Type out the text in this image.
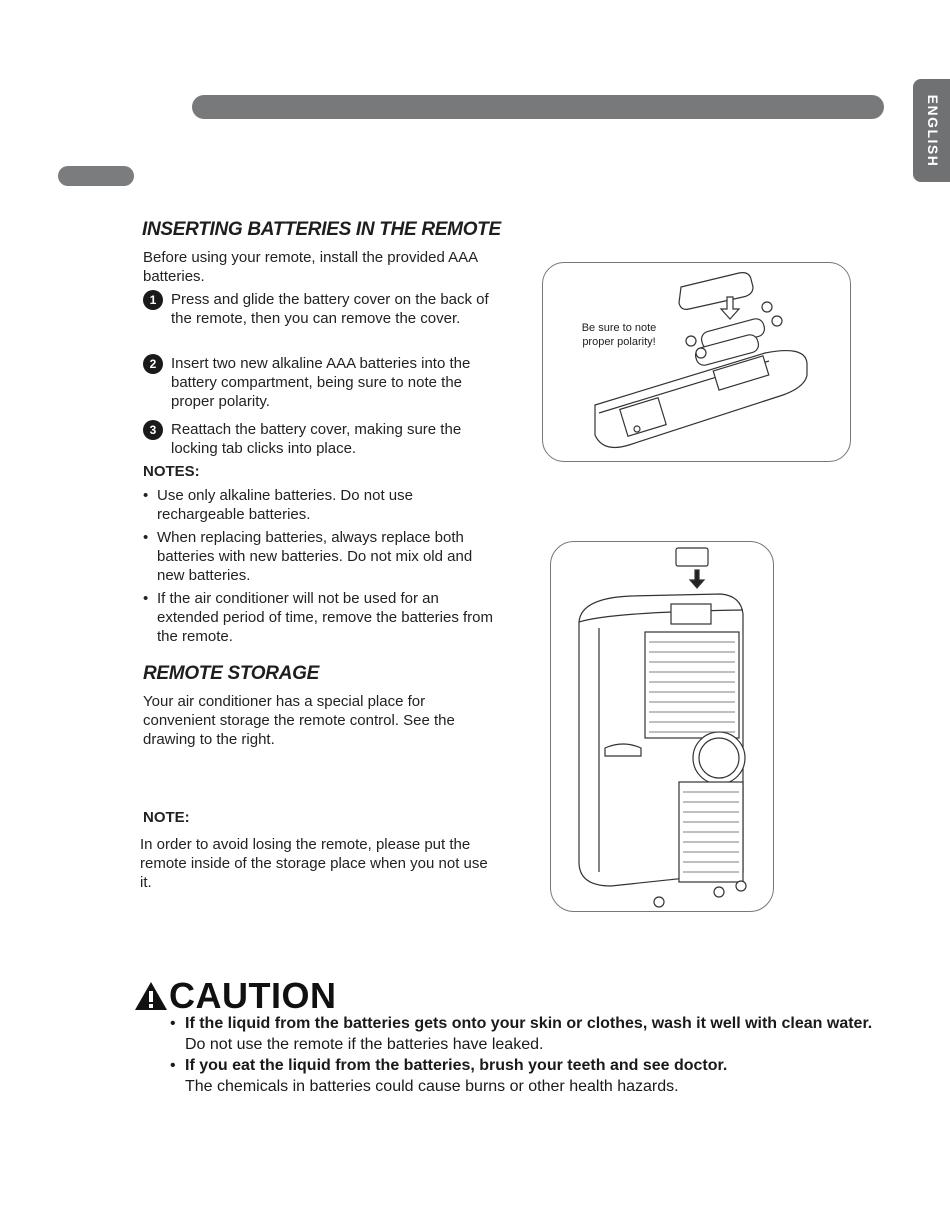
ENGLISH
INSERTING BATTERIES IN THE REMOTE
Before using your remote, install the provided AAA batteries.
1 Press and glide the battery cover on the back of the remote, then you can remove the cover.
2 Insert two new alkaline AAA batteries into the battery compartment, being sure to note the proper polarity.
3 Reattach the battery cover, making sure the locking tab clicks into place.
NOTES:
• Use only alkaline batteries. Do not use rechargeable batteries.
• When replacing batteries, always replace both batteries with new batteries. Do not mix old and new batteries.
• If the air conditioner will not be used for an extended period of time, remove the batteries from the remote.
Be sure to note proper polarity!
REMOTE STORAGE
Your air conditioner has a special place for convenient storage the remote control. See the drawing to the right.
NOTE:
In order to avoid losing the remote, please put the remote inside of the storage place when you not use it.
CAUTION
• If the liquid from the batteries gets onto your skin or clothes, wash it well with clean water.
Do not use the remote if the batteries have leaked.
• If you eat the liquid from the batteries, brush your teeth and see doctor.
The chemicals in batteries could cause burns or other health hazards.
